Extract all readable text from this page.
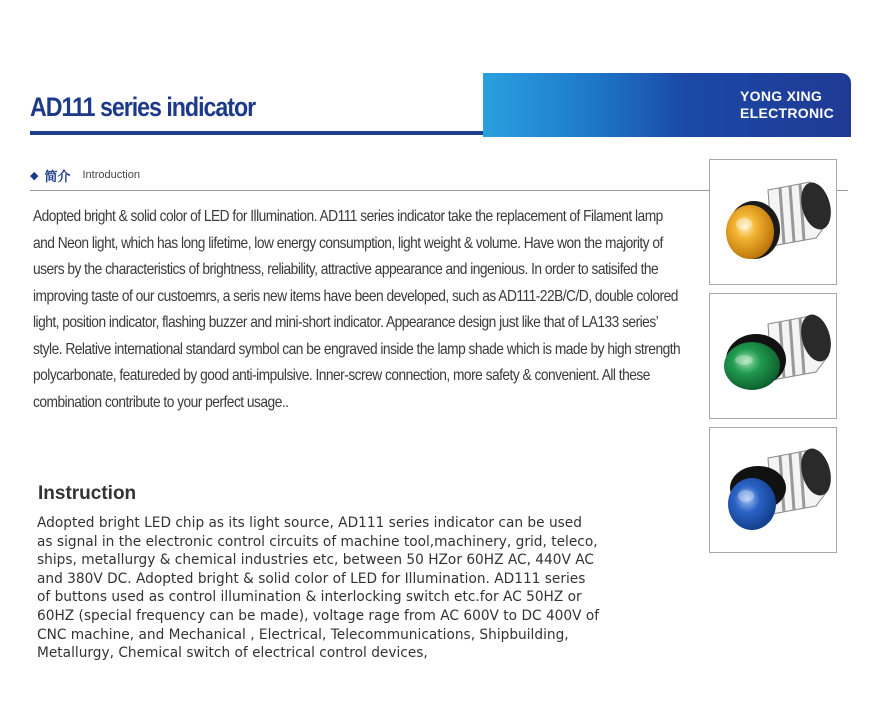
AD111 series indicator	YONG XING
ELECTRONIC
◆ 简介 Introduction
Adopted bright & solid color of LED for Illumination. AD111 series indicator take the replacement of Filament lamp and Neon light, which has long lifetime, low energy consumption, light weight & volume. Have won the majority of users by the characteristics of brightness, reliability, attractive appearance and ingenious. In order to satisifed the improving taste of our custoemrs, a seris new items have been developed, such as AD111-22B/C/D, double colored light, position indicator, flashing buzzer and mini-short indicator. Appearance design just like that of LA133 series’ style. Relative international standard symbol can be engraved inside the lamp shade which is made by high strength polycarbonate, featureded by good anti-impulsive. Inner-screw connection, more safety & convenient. All these combination contribute to your perfect usage..
Instruction
Adopted bright LED chip as its light source, AD111 series indicator can be used as signal in the electronic control circuits of machine tool,machinery, grid, teleco, ships, metallurgy & chemical industries etc, between 50 HZor 60HZ AC, 440V AC and 380V DC. Adopted bright & solid color of LED for Illumination. AD111 series of buttons used as control illumination & interlocking switch etc.for AC 50HZ or 60HZ (special frequency can be made), voltage rage from AC 600V to DC 400V of CNC machine, and Mechanical , Electrical, Telecommunications, Shipbuilding, Metallurgy, Chemical switch of electrical control devices,
